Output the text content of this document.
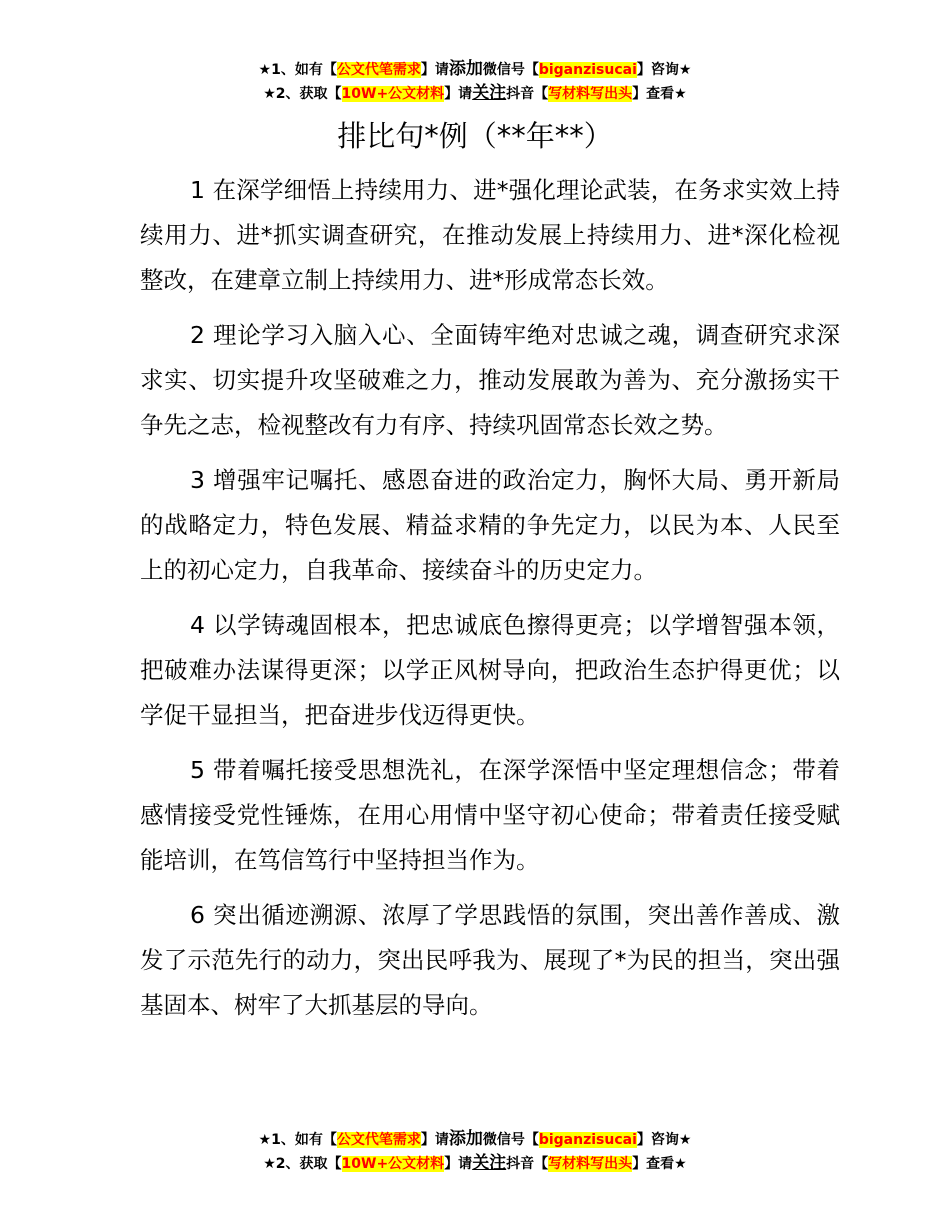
★1、如有【公文代笔需求】请添加微信号【biganzisucai】咨询★
★2、获取【10W+公文材料】请关注抖音【写材料写出头】查看★
排比句*例（**年**）

1 在深学细悟上持续用力、进*强化理论武装，在务求实效上持续用力、进*抓实调查研究，在推动发展上持续用力、进*深化检视整改，在建章立制上持续用力、进*形成常态长效。

2 理论学习入脑入心、全面铸牢绝对忠诚之魂，调查研究求深求实、切实提升攻坚破难之力，推动发展敢为善为、充分激扬实干争先之志，检视整改有力有序、持续巩固常态长效之势。

3 增强牢记嘱托、感恩奋进的政治定力，胸怀大局、勇开新局的战略定力，特色发展、精益求精的争先定力，以民为本、人民至上的初心定力，自我革命、接续奋斗的历史定力。

4 以学铸魂固根本，把忠诚底色擦得更亮；以学增智强本领，把破难办法谋得更深；以学正风树导向，把政治生态护得更优；以学促干显担当，把奋进步伐迈得更快。

5 带着嘱托接受思想洗礼，在深学深悟中坚定理想信念；带着感情接受党性锤炼，在用心用情中坚守初心使命；带着责任接受赋能培训，在笃信笃行中坚持担当作为。

6 突出循迹溯源、浓厚了学思践悟的氛围，突出善作善成、激发了示范先行的动力，突出民呼我为、展现了*为民的担当，突出强基固本、树牢了大抓基层的导向。

★1、如有【公文代笔需求】请添加微信号【biganzisucai】咨询★
★2、获取【10W+公文材料】请关注抖音【写材料写出头】查看★
